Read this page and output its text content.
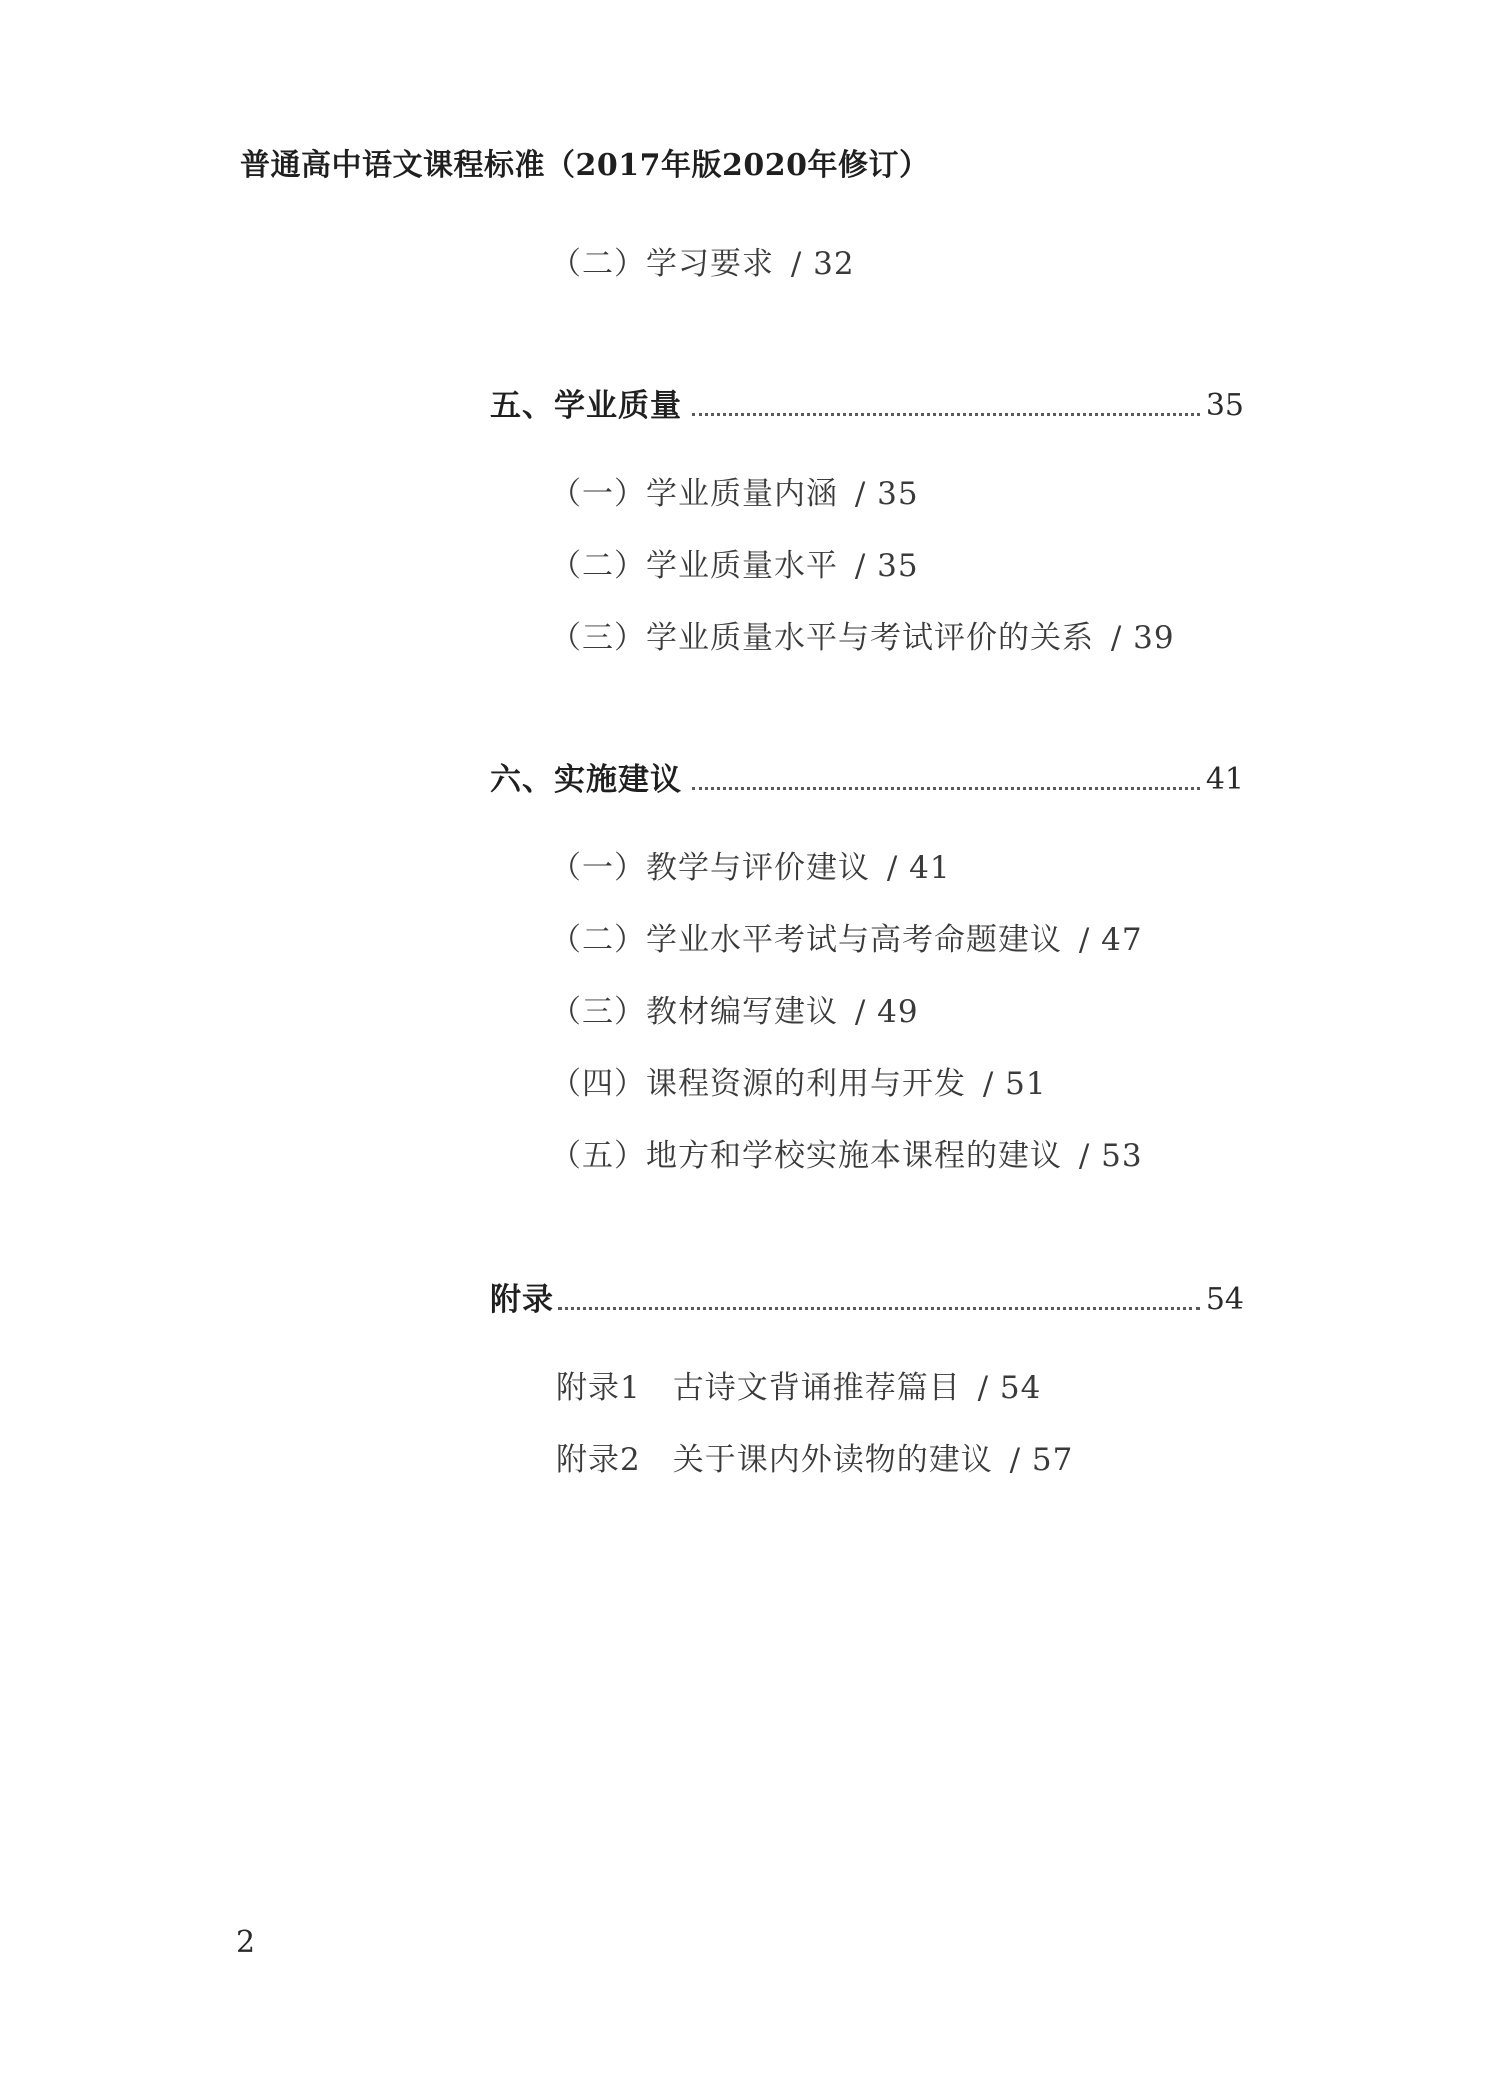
普通高中语文课程标准（2017年版2020年修订）
（二）学习要求 / 32
五、学业质量	35
（一）学业质量内涵 / 35
（二）学业质量水平 / 35
（三）学业质量水平与考试评价的关系 / 39
六、实施建议	41
（一）教学与评价建议 / 41
（二）学业水平考试与高考命题建议 / 47
（三）教材编写建议 / 49
（四）课程资源的利用与开发 / 51
（五）地方和学校实施本课程的建议 / 53
附录	54
附录1　古诗文背诵推荐篇目 / 54
附录2　关于课内外读物的建议 / 57
2
